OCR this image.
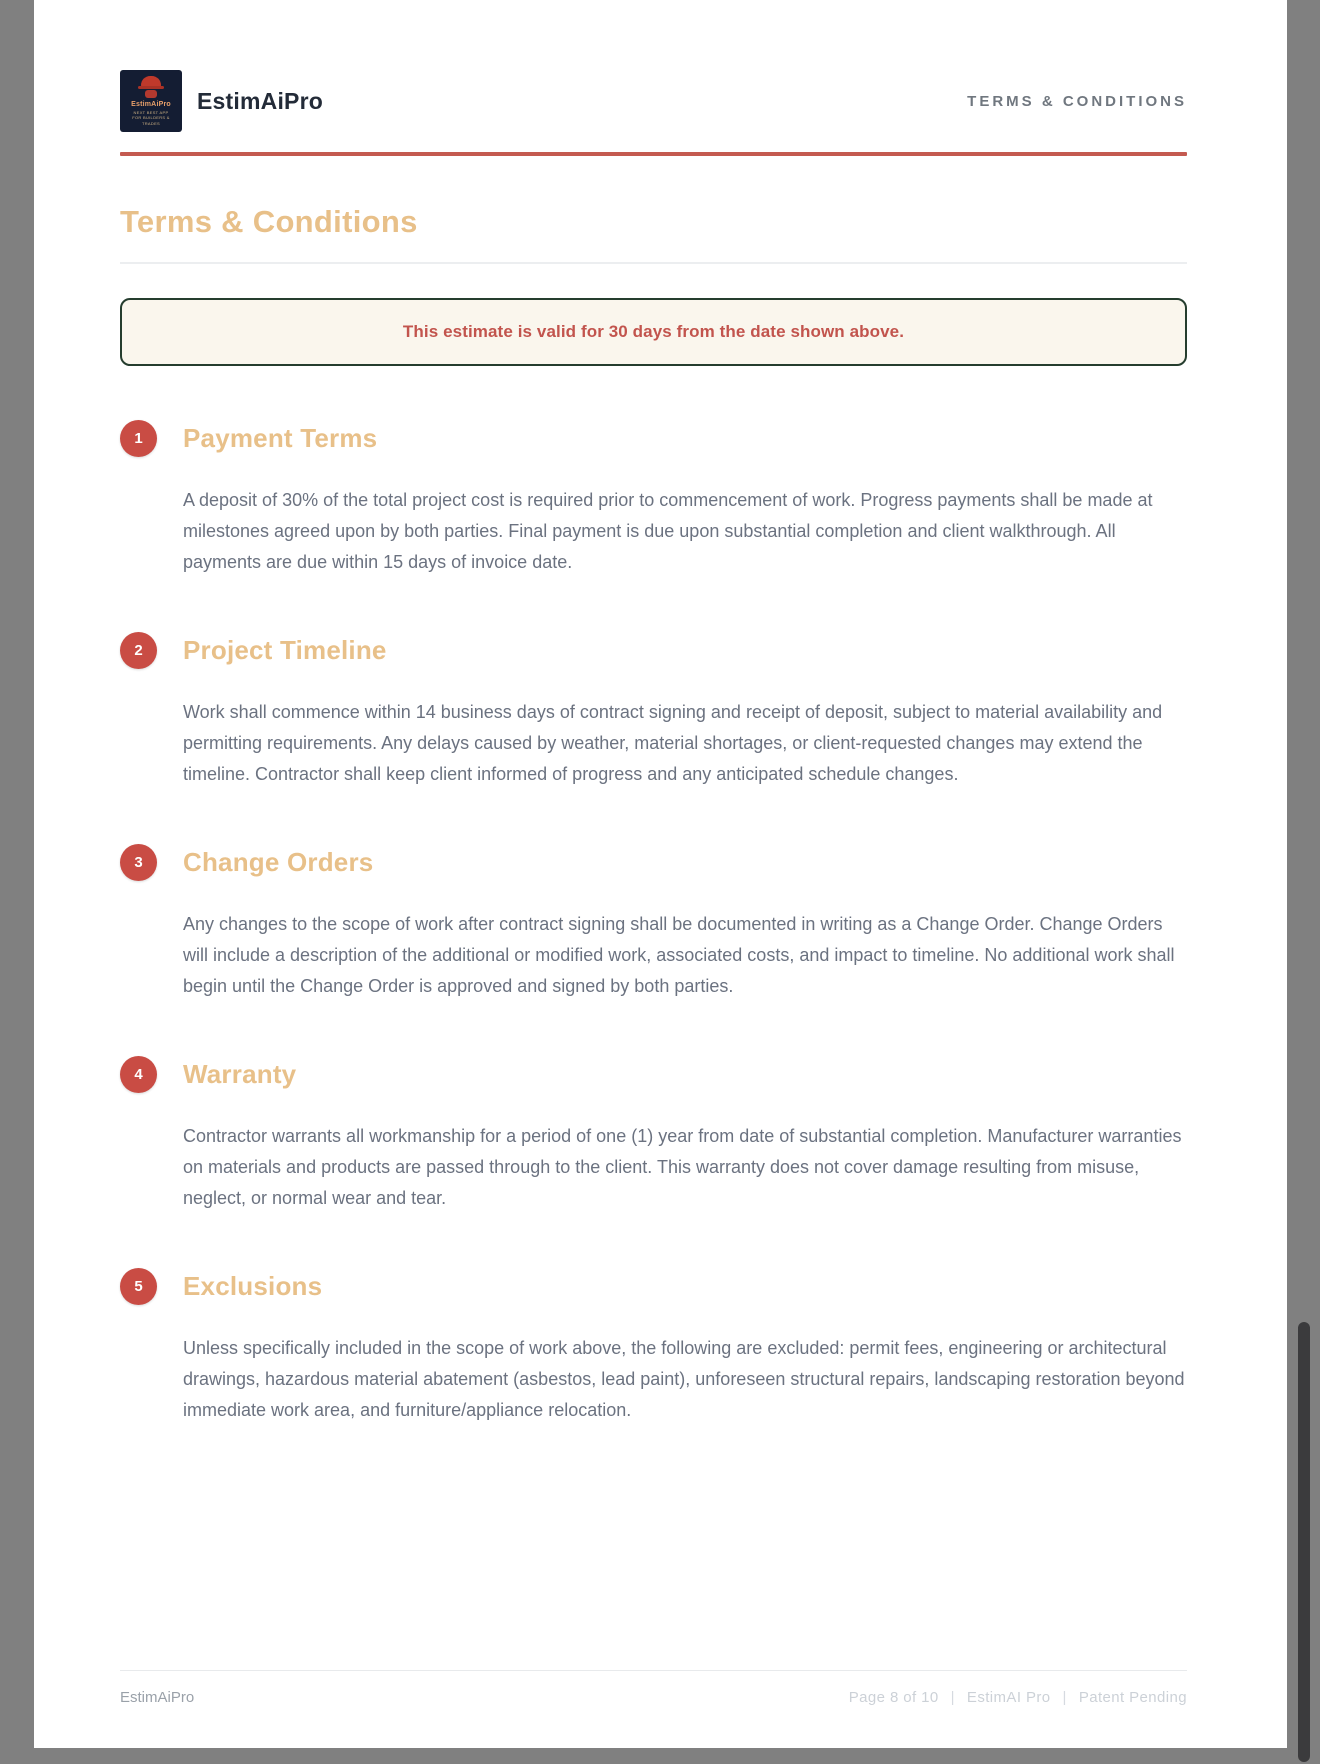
EstimAiPro
NEXT BEST APP FOR BUILDERS & TRADES
EstimAiPro	TERMS & CONDITIONS
Terms & Conditions
This estimate is valid for 30 days from the date shown above.
1	Payment Terms
A deposit of 30% of the total project cost is required prior to commencement of work. Progress payments shall be made at milestones agreed upon by both parties. Final payment is due upon substantial completion and client walkthrough. All payments are due within 15 days of invoice date.
2	Project Timeline
Work shall commence within 14 business days of contract signing and receipt of deposit, subject to material availability and permitting requirements. Any delays caused by weather, material shortages, or client-requested changes may extend the timeline. Contractor shall keep client informed of progress and any anticipated schedule changes.
3	Change Orders
Any changes to the scope of work after contract signing shall be documented in writing as a Change Order. Change Orders will include a description of the additional or modified work, associated costs, and impact to timeline. No additional work shall begin until the Change Order is approved and signed by both parties.
4	Warranty
Contractor warrants all workmanship for a period of one (1) year from date of substantial completion. Manufacturer warranties on materials and products are passed through to the client. This warranty does not cover damage resulting from misuse, neglect, or normal wear and tear.
5	Exclusions
Unless specifically included in the scope of work above, the following are excluded: permit fees, engineering or architectural drawings, hazardous material abatement (asbestos, lead paint), unforeseen structural repairs, landscaping restoration beyond immediate work area, and furniture/appliance relocation.
EstimAiPro	Page 8 of 10 | EstimAI Pro | Patent Pending
